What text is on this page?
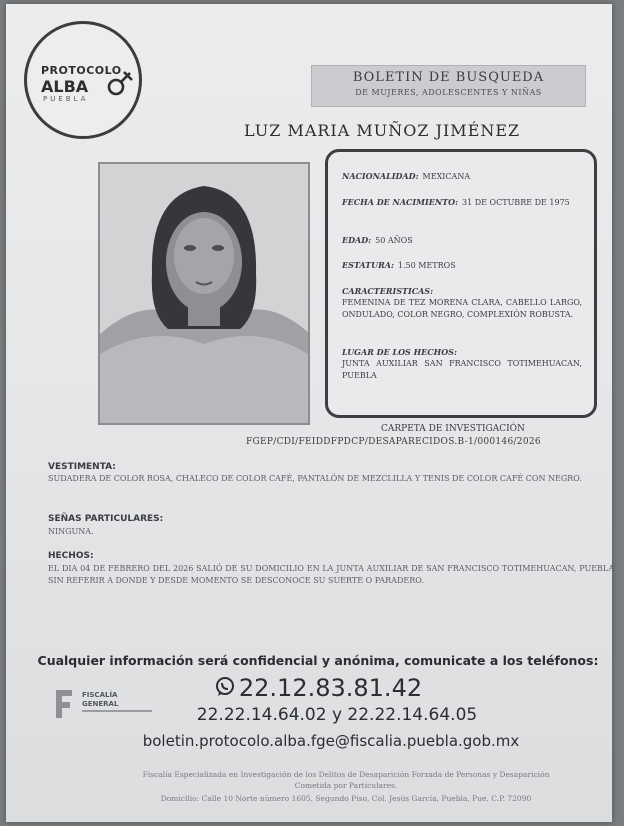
PROTOCOLO
ALBA
PUEBLA
BOLETIN DE BUSQUEDA
DE MUJERES, ADOLESCENTES Y NIÑAS
LUZ MARIA MUÑOZ JIMÉNEZ
NACIONALIDAD: MEXICANA
FECHA DE NACIMIENTO: 31 DE OCTUBRE DE 1975
EDAD: 50 AÑOS
ESTATURA: 1.50 METROS
CARACTERISTICAS:
FEMENINA DE TEZ MORENA CLARA, CABELLO LARGO, ONDULADO, COLOR NEGRO, COMPLEXIÓN ROBUSTA.
LUGAR DE LOS HECHOS:
JUNTA AUXILIAR SAN FRANCISCO TOTIMEHUACAN, PUEBLA
CARPETA DE INVESTIGACIÓN
FGEP/CDI/FEIDDFPDCP/DESAPARECIDOS.B-1/000146/2026
VESTIMENTA:
SUDADERA DE COLOR ROSA, CHALECO DE COLOR CAFÉ, PANTALÓN DE MEZCLILLA Y TENIS DE COLOR CAFÉ CON NEGRO.
SEÑAS PARTICULARES:
NINGUNA.
HECHOS:
EL DIA 04 DE FEBRERO DEL 2026 SALIÓ DE SU DOMICILIO EN LA JUNTA AUXILIAR DE SAN FRANCISCO TOTIMEHUACAN, PUEBLA SIN REFERIR A DONDE Y DESDE MOMENTO SE DESCONOCE SU SUERTE O PARADERO.
Cualquier información será confidencial y anónima, comunicate a los teléfonos:
22.12.83.81.42
22.22.14.64.02 y 22.22.14.64.05
boletin.protocolo.alba.fge@fiscalia.puebla.gob.mx
FISCALÍA
GENERAL
Fiscalía Especializada en Investigación de los Delitos de Desaparición Forzada de Personas y Desaparición
Cometida por Particulares.
Domicilio: Calle 10 Norte número 1605, Segundo Piso, Col. Jesús García, Puebla, Pue. C.P. 72090
